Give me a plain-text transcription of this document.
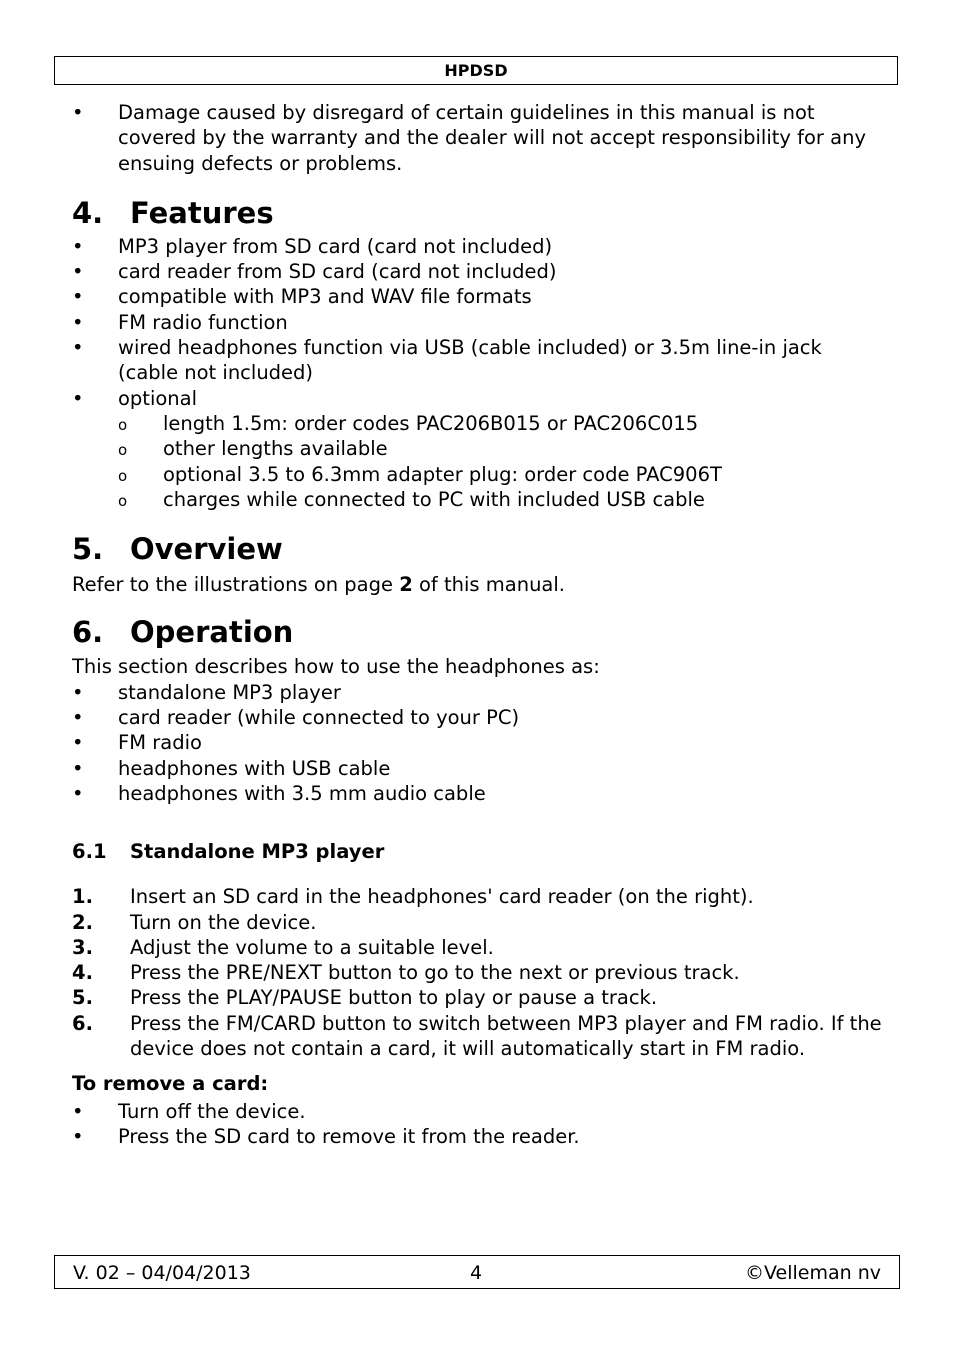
HPDSD
•	Damage caused by disregard of certain guidelines in this manual is not covered by the warranty and the dealer will not accept responsibility for any ensuing defects or problems.
4. Features
•	MP3 player from SD card (card not included)
•	card reader from SD card (card not included)
•	compatible with MP3 and WAV file formats
•	FM radio function
•	wired headphones function via USB (cable included) or 3.5m line-in jack (cable not included)
•	optional
o length 1.5m: order codes PAC206B015 or PAC206C015
o other lengths available
o optional 3.5 to 6.3mm adapter plug: order code PAC906T
o charges while connected to PC with included USB cable
5. Overview

Refer to the illustrations on page 2 of this manual.

6. Operation

This section describes how to use the headphones as:

•	standalone MP3 player
•	card reader (while connected to your PC)
•	FM radio
•	headphones with USB cable
•	headphones with 3.5 mm audio cable
6.1 Standalone MP3 player
1. Insert an SD card in the headphones' card reader (on the right).
2. Turn on the device.
3. Adjust the volume to a suitable level.
4. Press the PRE/NEXT button to go to the next or previous track.
5. Press the PLAY/PAUSE button to play or pause a track.
6. Press the FM/CARD button to switch between MP3 player and FM radio. If the device does not contain a card, it will automatically start in FM radio.

To remove a card:

•	Turn off the device.
•	Press the SD card to remove it from the reader.
V. 02 – 04/04/2013	4	©Velleman nv
